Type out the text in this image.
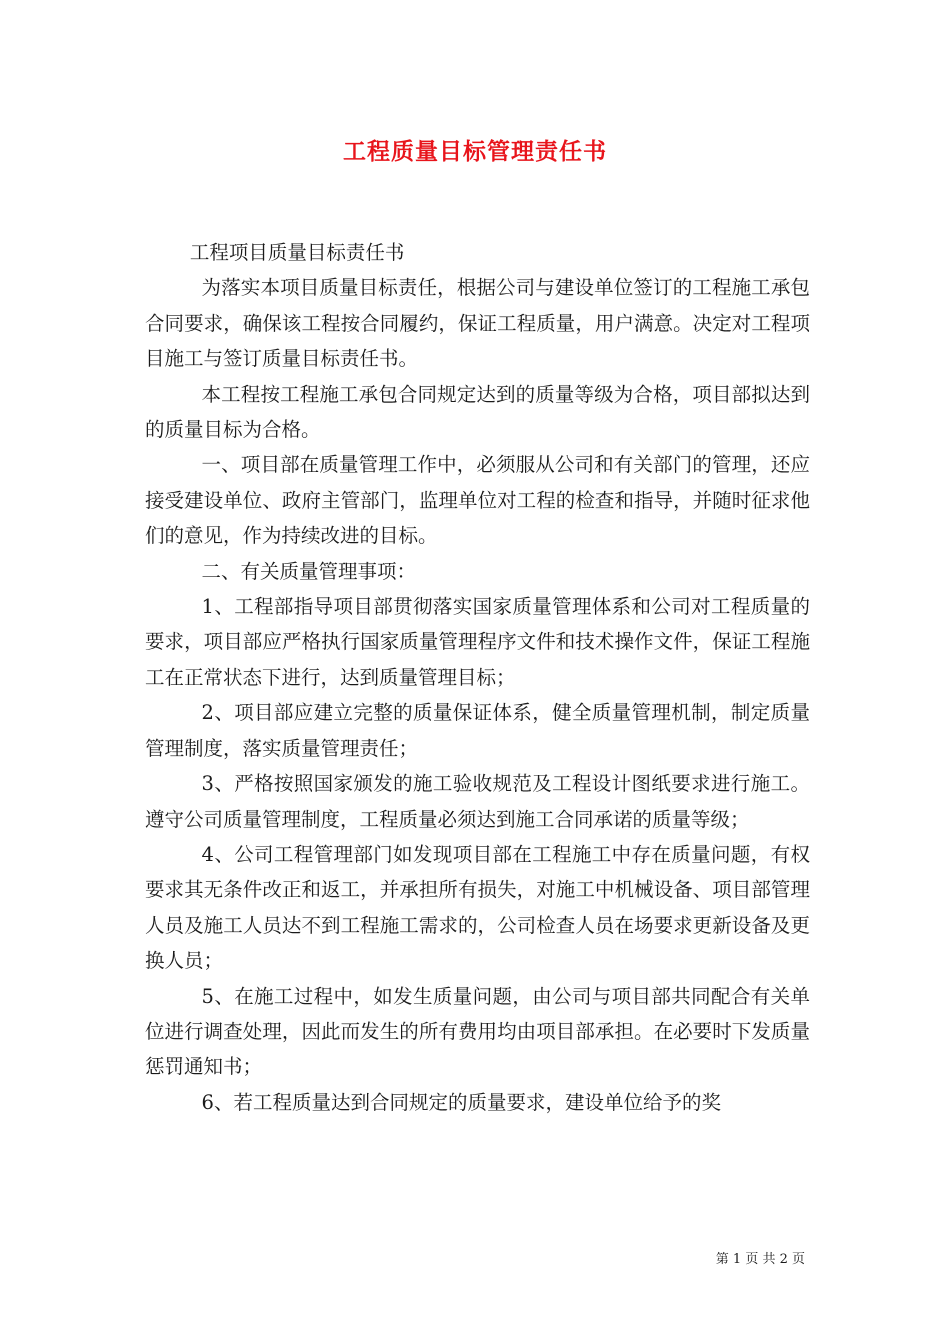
工程质量目标管理责任书

工程项目质量目标责任书

为落实本项目质量目标责任，根据公司与建设单位签订的工程施工承包合同要求，确保该工程按合同履约，保证工程质量，用户满意。决定对工程项目施工与签订质量目标责任书。

本工程按工程施工承包合同规定达到的质量等级为合格，项目部拟达到的质量目标为合格。

一、项目部在质量管理工作中，必须服从公司和有关部门的管理，还应接受建设单位、政府主管部门，监理单位对工程的检查和指导，并随时征求他们的意见，作为持续改进的目标。

二、有关质量管理事项：

1、工程部指导项目部贯彻落实国家质量管理体系和公司对工程质量的要求，项目部应严格执行国家质量管理程序文件和技术操作文件，保证工程施工在正常状态下进行，达到质量管理目标；

2、项目部应建立完整的质量保证体系，健全质量管理机制，制定质量管理制度，落实质量管理责任；

3、严格按照国家颁发的施工验收规范及工程设计图纸要求进行施工。遵守公司质量管理制度，工程质量必须达到施工合同承诺的质量等级；

4、公司工程管理部门如发现项目部在工程施工中存在质量问题，有权要求其无条件改正和返工，并承担所有损失，对施工中机械设备、项目部管理人员及施工人员达不到工程施工需求的，公司检查人员在场要求更新设备及更换人员；

5、在施工过程中，如发生质量问题，由公司与项目部共同配合有关单位进行调查处理，因此而发生的所有费用均由项目部承担。在必要时下发质量惩罚通知书；

6、若工程质量达到合同规定的质量要求，建设单位给予的奖

第 1 页 共 2 页
